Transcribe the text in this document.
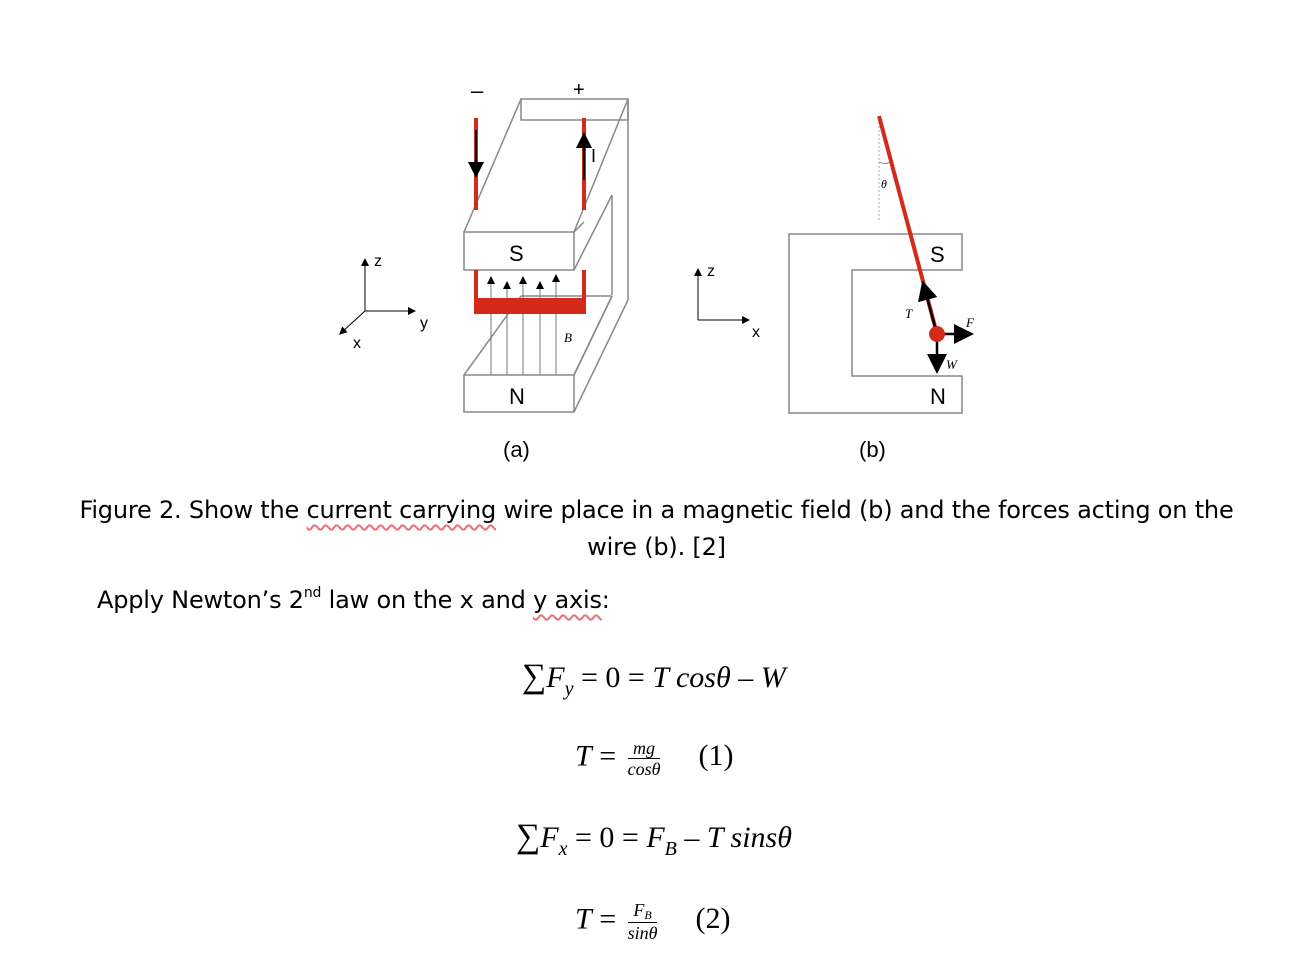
–	+
I
S
N
B⃗
z
y
x
(a)
S
N
θ
T⃗
F⃗
W⃗
z
x
(b)
Figure 2. Show the current carrying wire place in a magnetic field (b) and the forces acting on the wire (b). [2]
Apply Newton’s 2nd law on the x and y axis:
$\sum F_y = 0 = T$ cosθ – W
$T = \frac{mg}{\cos\theta} (1)$
$\sum F_x = 0 = F_B - T$ sinsθ
$T = \frac{FB}{\sin\theta} (2)$
